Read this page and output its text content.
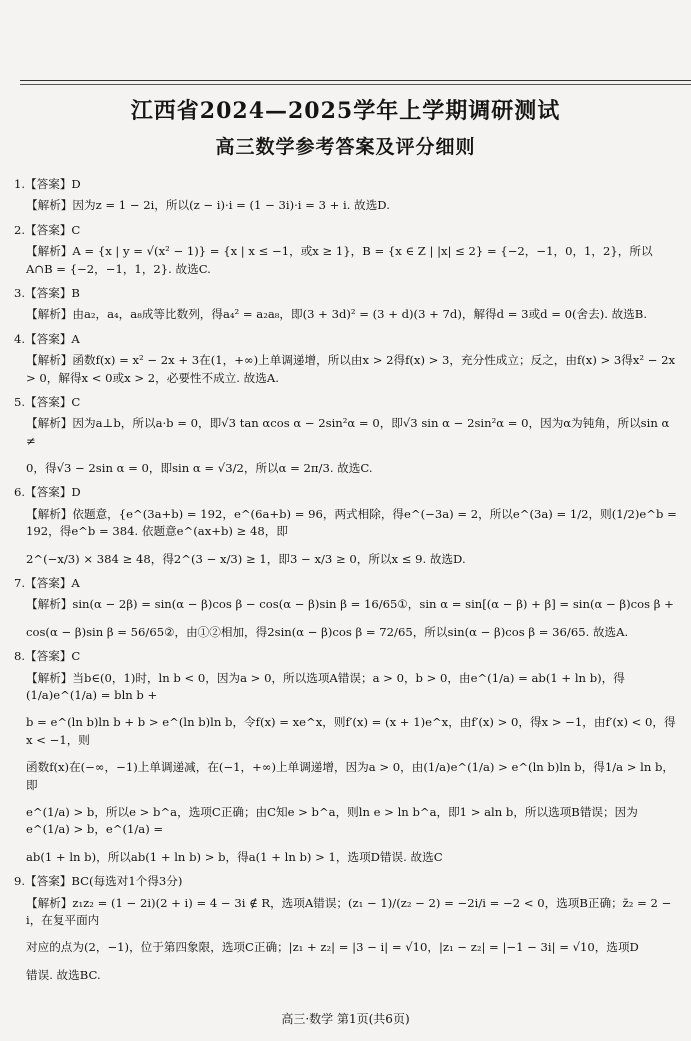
江西省2024—2025学年上学期调研测试
高三数学参考答案及评分细则
1.【答案】D

【解析】因为z = 1 − 2i，所以(z − i)·i = (1 − 3i)·i = 3 + i. 故选D.

2.【答案】C

【解析】A = {x | y = √(x² − 1)} = {x | x ≤ −1，或x ≥ 1}，B = {x ∈ Z | |x| ≤ 2} = {−2，−1，0，1，2}，所以A∩B = {−2，−1，1，2}. 故选C.

3.【答案】B

【解析】由a₂，a₄，a₈成等比数列，得a₄² = a₂a₈，即(3 + 3d)² = (3 + d)(3 + 7d)，解得d = 3或d = 0(舍去). 故选B.

4.【答案】A

【解析】函数f(x) = x² − 2x + 3在(1，+∞)上单调递增，所以由x > 2得f(x) > 3，充分性成立；反之，由f(x) > 3得x² − 2x > 0，解得x < 0或x > 2，必要性不成立. 故选A.

5.【答案】C

【解析】因为a⊥b，所以a·b = 0，即√3 tan αcos α − 2sin²α = 0，即√3 sin α − 2sin²α = 0，因为α为钝角，所以sin α ≠

0，得√3 − 2sin α = 0，即sin α = √3/2，所以α = 2π/3. 故选C.

6.【答案】D

【解析】依题意，{e^(3a+b) = 192，e^(6a+b) = 96，两式相除，得e^(−3a) = 2，所以e^(3a) = 1/2，则(1/2)e^b = 192，得e^b = 384. 依题意e^(ax+b) ≥ 48，即

2^(−x/3) × 384 ≥ 48，得2^(3 − x/3) ≥ 1，即3 − x/3 ≥ 0，所以x ≤ 9. 故选D.

7.【答案】A

【解析】sin(α − 2β) = sin(α − β)cos β − cos(α − β)sin β = 16/65①，sin α = sin[(α − β) + β] = sin(α − β)cos β +

cos(α − β)sin β = 56/65②，由①②相加，得2sin(α − β)cos β = 72/65，所以sin(α − β)cos β = 36/65. 故选A.

8.【答案】C

【解析】当b∈(0，1)时，ln b < 0，因为a > 0，所以选项A错误；a > 0，b > 0，由e^(1/a) = ab(1 + ln b)，得(1/a)e^(1/a) = bln b +

b = e^(ln b)ln b + b > e^(ln b)ln b，令f(x) = xe^x，则f′(x) = (x + 1)e^x，由f′(x) > 0，得x > −1，由f′(x) < 0，得x < −1，则

函数f(x)在(−∞，−1)上单调递减，在(−1，+∞)上单调递增，因为a > 0，由(1/a)e^(1/a) > e^(ln b)ln b，得1/a > ln b，即

e^(1/a) > b，所以e > b^a，选项C正确；由C知e > b^a，则ln e > ln b^a，即1 > aln b，所以选项B错误；因为e^(1/a) > b，e^(1/a) =

ab(1 + ln b)，所以ab(1 + ln b) > b，得a(1 + ln b) > 1，选项D错误. 故选C

9.【答案】BC(每选对1个得3分)

【解析】z₁z₂ = (1 − 2i)(2 + i) = 4 − 3i ∉ R，选项A错误；(z₁ − 1)/(z₂ − 2) = −2i/i = −2 < 0，选项B正确；z̄₂ = 2 − i，在复平面内

对应的点为(2，−1)，位于第四象限，选项C正确；|z₁ + z₂| = |3 − i| = √10，|z₁ − z₂| = |−1 − 3i| = √10，选项D

错误. 故选BC.

高三·数学 第1页(共6页)
